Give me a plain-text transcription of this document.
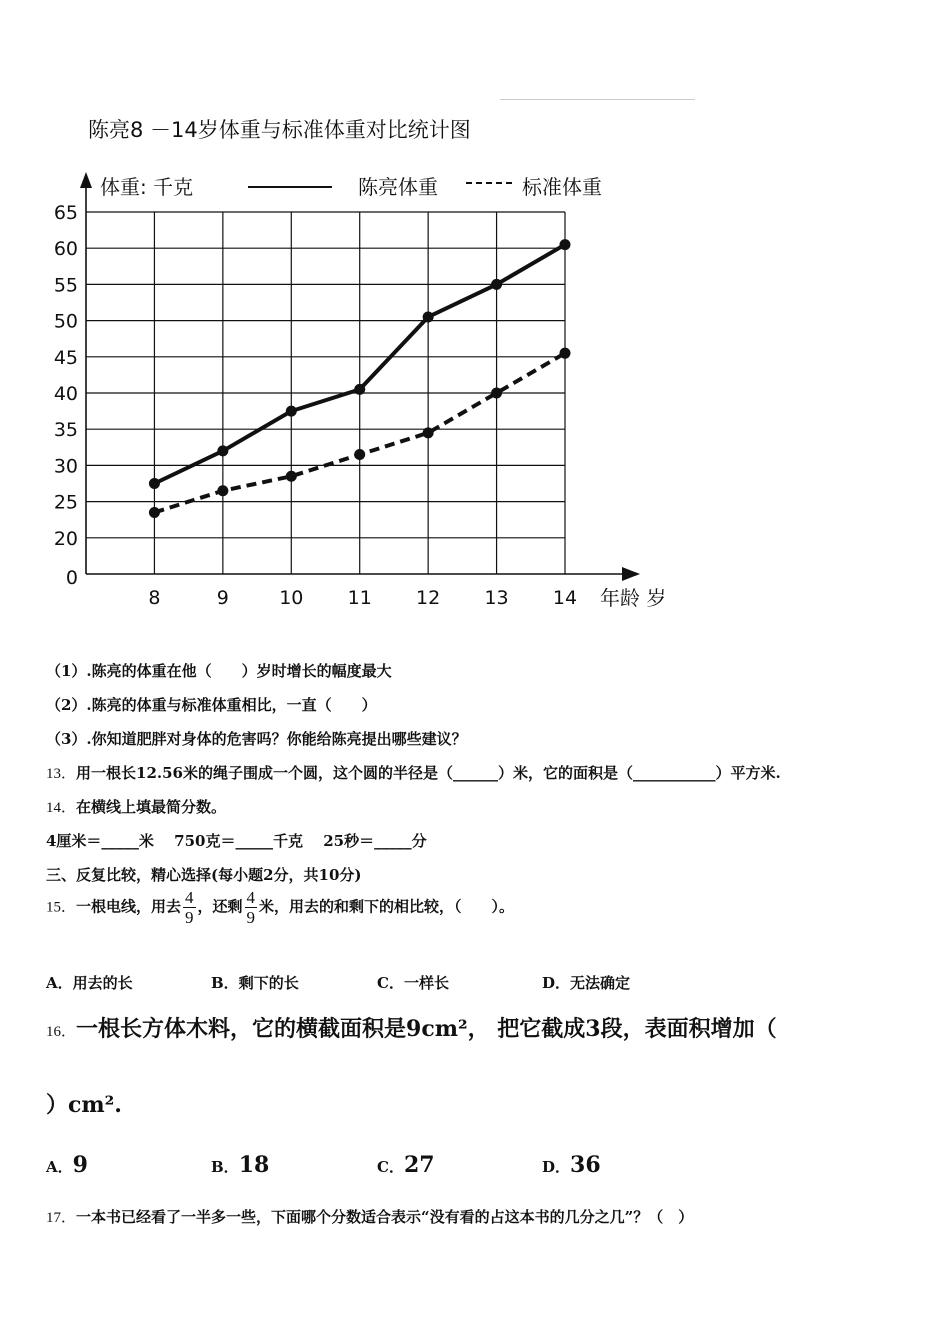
陈亮8 －14岁体重与标准体重对比统计图
体重: 千克	陈亮体重	标准体重
65
60
55
50
45
40
35
30
25
20
0
8	9	10 11 12 13 14 年龄 岁
（1）.陈亮的体重在他（　　）岁时增长的幅度最大
（2）.陈亮的体重与标准体重相比，一直（　　）
（3）.你知道肥胖对身体的危害吗？你能给陈亮提出哪些建议？
13．用一根长12.56米的绳子围成一个圆，这个圆的半径是（______）米，它的面积是（___________）平方米.
14．在横线上填最简分数。
4厘米＝_____米　 750克＝_____千克　 25秒＝_____分
三、反复比较，精心选择(每小题2分，共10分)
15．一根电线，用去 $\frac{4}{9}$ ，还剩 $\frac{4}{9}$ 米，用去的和剩下的相比较，（　　）。
A．用去的长	B．剩下的长	C．一样长	D．无法确定
16．一根长方体木料，它的横截面积是9cm²， 把它截成3段，表面积增加（
）cm².
A．9	B．18	C．27	D．36
17．一本书已经看了一半多一些，下面哪个分数适合表示“没有看的占这本书的几分之几”？（　）
